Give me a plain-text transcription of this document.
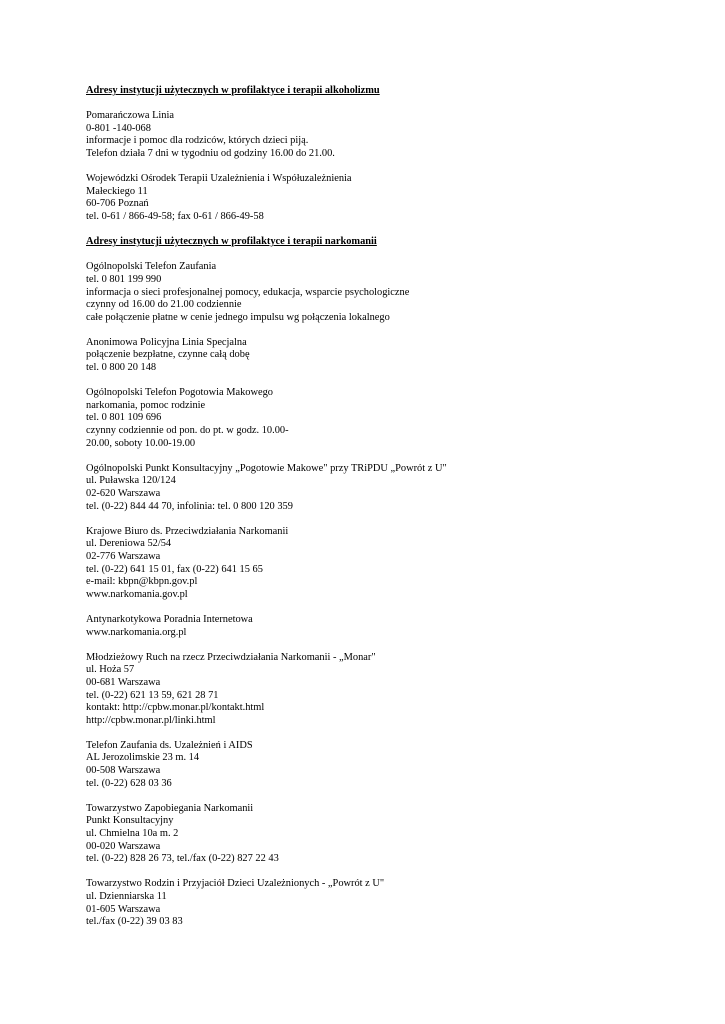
Adresy instytucji użytecznych w profilaktyce i terapii alkoholizmu
Pomarańczowa Linia
0-801 -140-068
informacje i pomoc dla rodziców, których dzieci piją.
Telefon działa 7 dni w tygodniu od godziny 16.00 do 21.00.
Wojewódzki Ośrodek Terapii Uzależnienia i Współuzależnienia
Małeckiego 11
60-706 Poznań
tel. 0-61 / 866-49-58; fax 0-61 / 866-49-58
Adresy instytucji użytecznych w profilaktyce i terapii narkomanii
Ogólnopolski Telefon Zaufania
tel. 0 801 199 990
informacja o sieci profesjonalnej pomocy, edukacja, wsparcie psychologiczne
czynny od 16.00 do 21.00 codziennie
całe połączenie płatne w cenie jednego impulsu wg połączenia lokalnego
Anonimowa Policyjna Linia Specjalna
połączenie bezpłatne, czynne całą dobę
tel. 0 800 20 148
Ogólnopolski Telefon Pogotowia Makowego
narkomania, pomoc rodzinie
tel. 0 801 109 696
czynny codziennie od pon. do pt. w godz. 10.00-
20.00, soboty 10.00-19.00
Ogólnopolski Punkt Konsultacyjny „Pogotowie Makowe" przy TRiPDU „Powrót z U"
ul. Puławska 120/124
02-620 Warszawa
tel. (0-22) 844 44 70, infolinia: tel. 0 800 120 359
Krajowe Biuro ds. Przeciwdziałania Narkomanii
ul. Dereniowa 52/54
02-776 Warszawa
tel. (0-22) 641 15 01, fax (0-22) 641 15 65
e-mail: kbpn@kbpn.gov.pl
www.narkomania.gov.pl
Antynarkotykowa Poradnia Internetowa
www.narkomania.org.pl
Młodzieżowy Ruch na rzecz Przeciwdziałania Narkomanii - „Monar"
ul. Hoża 57
00-681 Warszawa
tel. (0-22) 621 13 59, 621 28 71
kontakt: http://cpbw.monar.pl/kontakt.html
http://cpbw.monar.pl/linki.html
Telefon Zaufania ds. Uzależnień i AIDS
AL Jerozolimskie 23 m. 14
00-508 Warszawa
tel. (0-22) 628 03 36
Towarzystwo Zapobiegania Narkomanii
Punkt Konsultacyjny
ul. Chmielna 10a m. 2
00-020 Warszawa
tel. (0-22) 828 26 73, tel./fax (0-22) 827 22 43
Towarzystwo Rodzin i Przyjaciół Dzieci Uzależnionych - „Powrót z U"
ul. Dzienniarska 11
01-605 Warszawa
tel./fax (0-22) 39 03 83
